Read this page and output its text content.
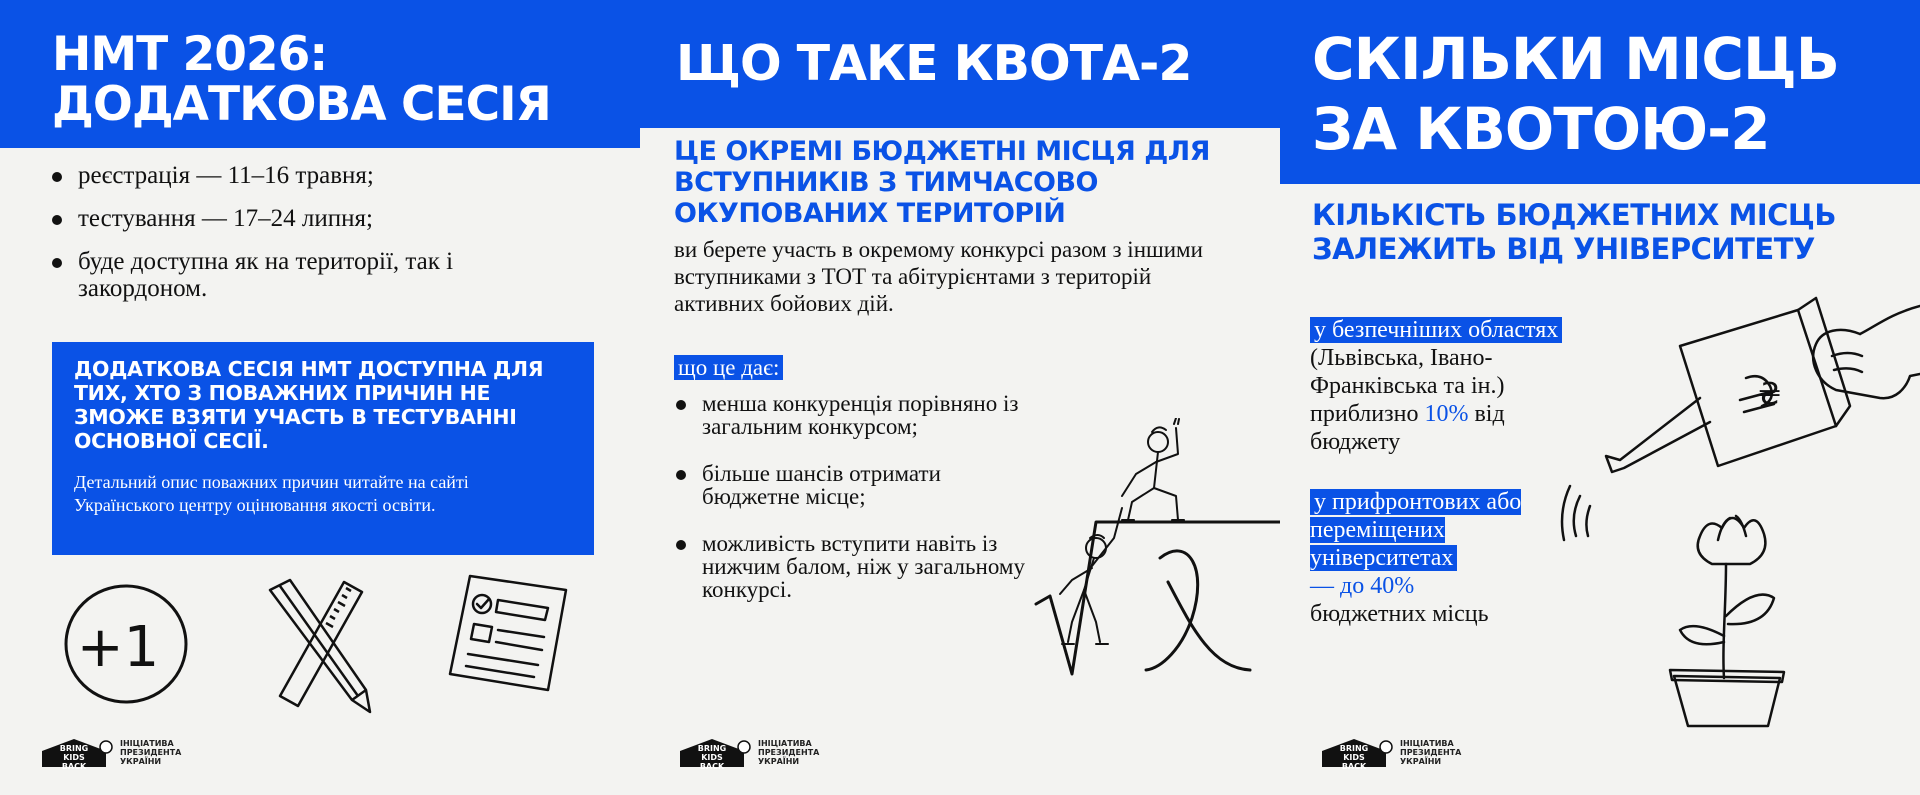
НМТ 2026: ДОДАТКОВА СЕСІЯ
реєстрація — 11–16 травня;
тестування — 17–24 липня;
буде доступна як на території, так і закордоном.
ДОДАТКОВА СЕСІЯ НМТ ДОСТУПНА ДЛЯ ТИХ, ХТО З ПОВАЖНИХ ПРИЧИН НЕ ЗМОЖЕ ВЗЯТИ УЧАСТЬ В ТЕСТУВАННІ ОСНОВНОЇ СЕСІЇ.
Детальний опис поважних причин читайте на сайті Українського центру оцінювання якості освіти.
+1
BRING KIDS BACK
ІНІЦІАТИВА ПРЕЗИДЕНТА УКРАЇНИ
ЩО ТАКЕ КВОТА-2
ЦЕ ОКРЕМІ БЮДЖЕТНІ МІСЦЯ ДЛЯ ВСТУПНИКІВ З ТИМЧАСОВО ОКУПОВАНИХ ТЕРИТОРІЙ

ви берете участь в окремому конкурсі разом з іншими вступниками з ТОТ та абітурієнтами з територій активних бойових дій.

що це дає:
менша конкуренція порівняно із загальним конкурсом;
більше шансів отримати бюджетне місце;
можливість вступити навіть із нижчим балом, ніж у загальному конкурсі.
BRING KIDS BACK
ІНІЦІАТИВА ПРЕЗИДЕНТА УКРАЇНИ
СКІЛЬКИ МІСЦЬ ЗА КВОТОЮ-2
КІЛЬКІСТЬ БЮДЖЕТНИХ МІСЦЬ ЗАЛЕЖИТЬ ВІД УНІВЕРСИТЕТУ
у безпечніших областях
(Львівська, Івано-Франківська та ін.)
приблизно 10% від бюджету
у прифронтових або переміщених університетах
— до 40%
бюджетних місць
₴
BRING KIDS BACK
ІНІЦІАТИВА ПРЕЗИДЕНТА УКРАЇНИ
